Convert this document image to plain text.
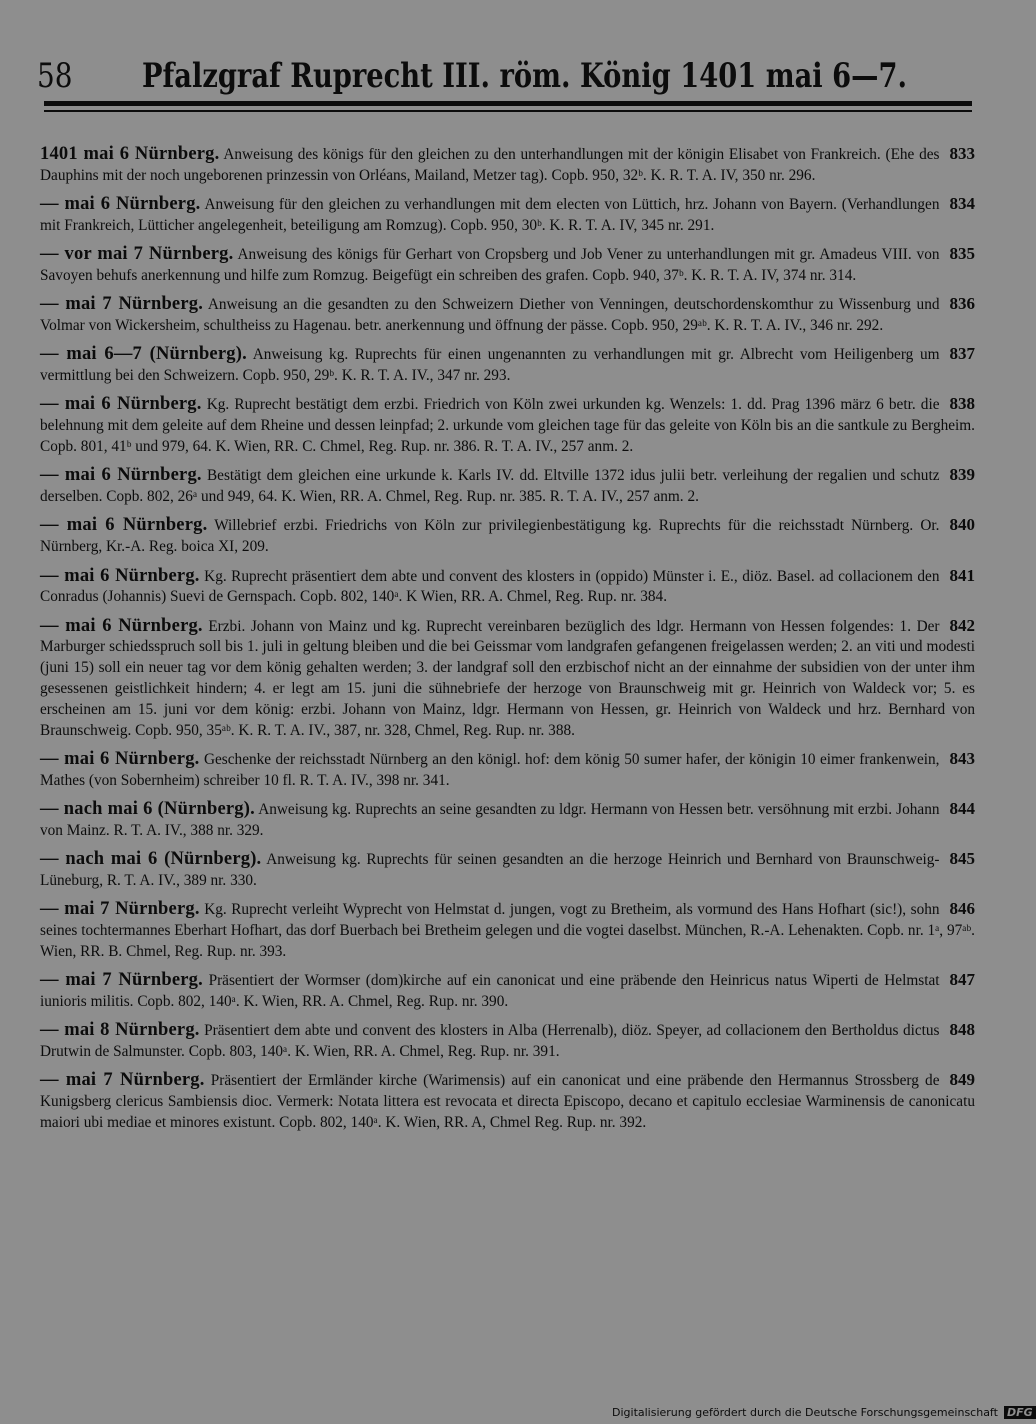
58 Pfalzgraf Ruprecht III. röm. König 1401 mai 6—7.
833
1401 mai 6 Nürnberg. Anweisung des königs für den gleichen zu den unterhandlungen mit der königin Elisabet von Frankreich. (Ehe des Dauphins mit der noch ungeborenen prinzessin von Orléans, Mailand, Metzer tag). Copb. 950, 32ᵇ. K. R. T. A. IV, 350 nr. 296.
834
— mai 6 Nürnberg. Anweisung für den gleichen zu verhandlungen mit dem electen von Lüttich, hrz. Johann von Bayern. (Verhandlungen mit Frankreich, Lütticher angelegenheit, beteiligung am Romzug). Copb. 950, 30ᵇ. K. R. T. A. IV, 345 nr. 291.
835
— vor mai 7 Nürnberg. Anweisung des königs für Gerhart von Cropsberg und Job Vener zu unterhandlungen mit gr. Amadeus VIII. von Savoyen behufs anerkennung und hilfe zum Romzug. Beigefügt ein schreiben des grafen. Copb. 940, 37ᵇ. K. R. T. A. IV, 374 nr. 314.
836
— mai 7 Nürnberg. Anweisung an die gesandten zu den Schweizern Diether von Venningen, deutschordenskomthur zu Wissenburg und Volmar von Wickersheim, schultheiss zu Hagenau. betr. anerkennung und öffnung der pässe. Copb. 950, 29ᵃᵇ. K. R. T. A. IV., 346 nr. 292.
837
— mai 6—7 (Nürnberg). Anweisung kg. Ruprechts für einen ungenannten zu verhandlungen mit gr. Albrecht vom Heiligenberg um vermittlung bei den Schweizern. Copb. 950, 29ᵇ. K. R. T. A. IV., 347 nr. 293.
838
— mai 6 Nürnberg. Kg. Ruprecht bestätigt dem erzbi. Friedrich von Köln zwei urkunden kg. Wenzels: 1. dd. Prag 1396 märz 6 betr. die belehnung mit dem geleite auf dem Rheine und dessen leinpfad; 2. urkunde vom gleichen tage für das geleite von Köln bis an die santkule zu Bergheim. Copb. 801, 41ᵇ und 979, 64. K. Wien, RR. C. Chmel, Reg. Rup. nr. 386. R. T. A. IV., 257 anm. 2.
839
— mai 6 Nürnberg. Bestätigt dem gleichen eine urkunde k. Karls IV. dd. Eltville 1372 idus julii betr. verleihung der regalien und schutz derselben. Copb. 802, 26ᵃ und 949, 64. K. Wien, RR. A. Chmel, Reg. Rup. nr. 385. R. T. A. IV., 257 anm. 2.
840
— mai 6 Nürnberg. Willebrief erzbi. Friedrichs von Köln zur privilegienbestätigung kg. Ruprechts für die reichsstadt Nürnberg. Or. Nürnberg, Kr.-A. Reg. boica XI, 209.
841
— mai 6 Nürnberg. Kg. Ruprecht präsentiert dem abte und convent des klosters in (oppido) Münster i. E., diöz. Basel. ad collacionem den Conradus (Johannis) Suevi de Gernspach. Copb. 802, 140ᵃ. K Wien, RR. A. Chmel, Reg. Rup. nr. 384.
842
— mai 6 Nürnberg. Erzbi. Johann von Mainz und kg. Ruprecht vereinbaren bezüglich des ldgr. Hermann von Hessen folgendes: 1. Der Marburger schiedsspruch soll bis 1. juli in geltung bleiben und die bei Geissmar vom landgrafen gefangenen freigelassen werden; 2. an viti und modesti (juni 15) soll ein neuer tag vor dem könig gehalten werden; 3. der landgraf soll den erzbischof nicht an der einnahme der subsidien von der unter ihm gesessenen geistlichkeit hindern; 4. er legt am 15. juni die sühnebriefe der herzoge von Braunschweig mit gr. Heinrich von Waldeck vor; 5. es erscheinen am 15. juni vor dem könig: erzbi. Johann von Mainz, ldgr. Hermann von Hessen, gr. Heinrich von Waldeck und hrz. Bernhard von Braunschweig. Copb. 950, 35ᵃᵇ. K. R. T. A. IV., 387, nr. 328, Chmel, Reg. Rup. nr. 388.
843
— mai 6 Nürnberg. Geschenke der reichsstadt Nürnberg an den königl. hof: dem könig 50 sumer hafer, der königin 10 eimer frankenwein, Mathes (von Sobernheim) schreiber 10 fl. R. T. A. IV., 398 nr. 341.
844
— nach mai 6 (Nürnberg). Anweisung kg. Ruprechts an seine gesandten zu ldgr. Hermann von Hessen betr. versöhnung mit erzbi. Johann von Mainz. R. T. A. IV., 388 nr. 329.
845
— nach mai 6 (Nürnberg). Anweisung kg. Ruprechts für seinen gesandten an die herzoge Heinrich und Bernhard von Braunschweig-Lüneburg, R. T. A. IV., 389 nr. 330.
846
— mai 7 Nürnberg. Kg. Ruprecht verleiht Wyprecht von Helmstat d. jungen, vogt zu Bretheim, als vormund des Hans Hofhart (sic!), sohn seines tochtermannes Eberhart Hofhart, das dorf Buerbach bei Bretheim gelegen und die vogtei daselbst. München, R.-A. Lehenakten. Copb. nr. 1ᵃ, 97ᵃᵇ. Wien, RR. B. Chmel, Reg. Rup. nr. 393.
847
— mai 7 Nürnberg. Präsentiert der Wormser (dom)kirche auf ein canonicat und eine präbende den Heinricus natus Wiperti de Helmstat iunioris militis. Copb. 802, 140ᵃ. K. Wien, RR. A. Chmel, Reg. Rup. nr. 390.
848
— mai 8 Nürnberg. Präsentiert dem abte und convent des klosters in Alba (Herrenalb), diöz. Speyer, ad collacionem den Bertholdus dictus Drutwin de Salmunster. Copb. 803, 140ᵃ. K. Wien, RR. A. Chmel, Reg. Rup. nr. 391.
849
— mai 7 Nürnberg. Präsentiert der Ermländer kirche (Warimensis) auf ein canonicat und eine präbende den Hermannus Strossberg de Kunigsberg clericus Sambiensis dioc. Vermerk: Notata littera est revocata et directa Episcopo, decano et capitulo ecclesiae Warminensis de canonicatu maiori ubi mediae et minores existunt. Copb. 802, 140ᵃ. K. Wien, RR. A, Chmel Reg. Rup. nr. 392.
Digitalisierung gefördert durch die Deutsche Forschungsgemeinschaft DFG
